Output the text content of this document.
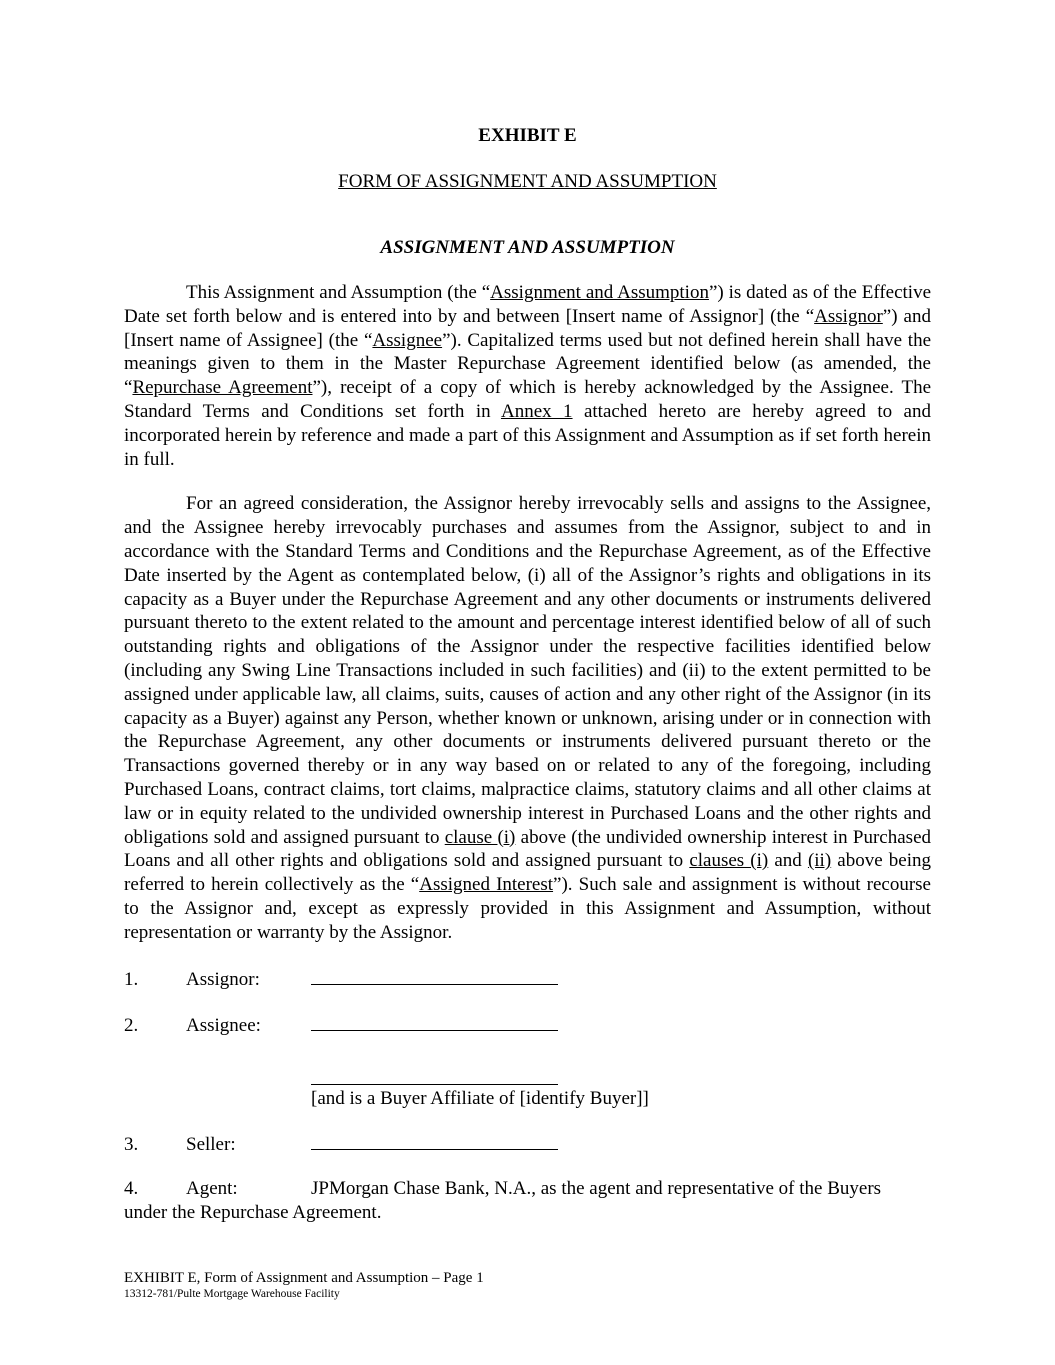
EXHIBIT E

FORM OF ASSIGNMENT AND ASSUMPTION

ASSIGNMENT AND ASSUMPTION

This Assignment and Assumption (the “Assignment and Assumption”) is dated as of the Effective Date set forth below and is entered into by and between [Insert name of Assignor] (the “Assignor”) and [Insert name of Assignee] (the “Assignee”). Capitalized terms used but not defined herein shall have the meanings given to them in the Master Repurchase Agreement identified below (as amended, the “Repurchase Agreement”), receipt of a copy of which is hereby acknowledged by the Assignee. The Standard Terms and Conditions set forth in Annex 1 attached hereto are hereby agreed to and incorporated herein by reference and made a part of this Assignment and Assumption as if set forth herein in full.

For an agreed consideration, the Assignor hereby irrevocably sells and assigns to the Assignee, and the Assignee hereby irrevocably purchases and assumes from the Assignor, subject to and in accordance with the Standard Terms and Conditions and the Repurchase Agreement, as of the Effective Date inserted by the Agent as contemplated below, (i) all of the Assignor’s rights and obligations in its capacity as a Buyer under the Repurchase Agreement and any other documents or instruments delivered pursuant thereto to the extent related to the amount and percentage interest identified below of all of such outstanding rights and obligations of the Assignor under the respective facilities identified below (including any Swing Line Transactions included in such facilities) and (ii) to the extent permitted to be assigned under applicable law, all claims, suits, causes of action and any other right of the Assignor (in its capacity as a Buyer) against any Person, whether known or unknown, arising under or in connection with the Repurchase Agreement, any other documents or instruments delivered pursuant thereto or the Transactions governed thereby or in any way based on or related to any of the foregoing, including Purchased Loans, contract claims, tort claims, malpractice claims, statutory claims and all other claims at law or in equity related to the undivided ownership interest in Purchased Loans and the other rights and obligations sold and assigned pursuant to clause (i) above (the undivided ownership interest in Purchased Loans and all other rights and obligations sold and assigned pursuant to clauses (i) and (ii) above being referred to herein collectively as the “Assigned Interest”). Such sale and assignment is without recourse to the Assignor and, except as expressly provided in this Assignment and Assumption, without representation or warranty by the Assignor.

1.	Assignor:
2.	Assignee:
[and is a Buyer Affiliate of [identify Buyer]]
3.	Seller:
4.	Agent:	JPMorgan Chase Bank, N.A., as the agent and representative of the Buyers
under the Repurchase Agreement.

EXHIBIT E, Form of Assignment and Assumption – Page 1

13312-781/Pulte Mortgage Warehouse Facility
